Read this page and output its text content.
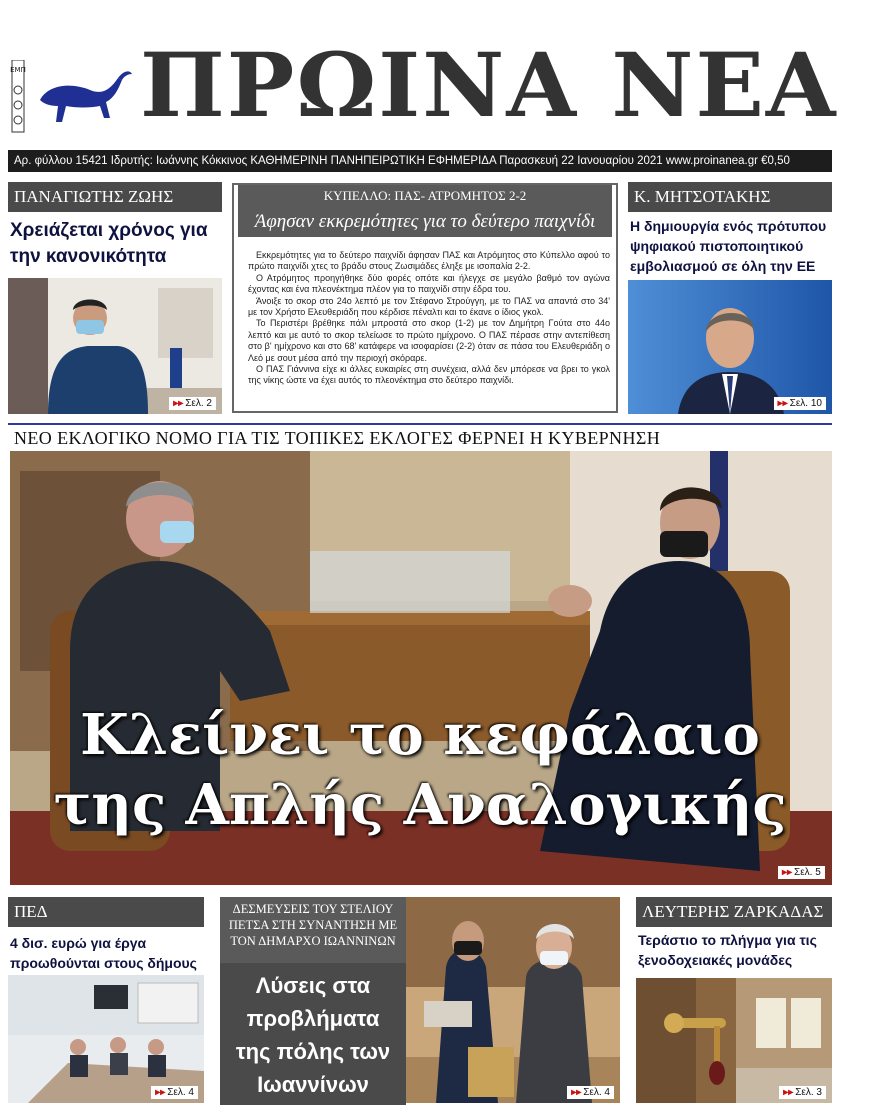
ΕΜΠ ΠΡΩΙΝΑ ΝΕΑ
Αρ. φύλλου 15421 Ιδρυτής: Ιωάννης Κόκκινος ΚΑΘΗΜΕΡΙΝΗ ΠΑΝΗΠΕΙΡΩΤΙΚΗ ΕΦΗΜΕΡΙΔΑ Παρασκευή 22 Ιανουαρίου 2021 www.proinanea.gr €0,50
ΠΑΝΑΓΙΩΤΗΣ ΖΩΗΣ
Χρειάζεται χρόνος για την κανονικότητα
▸▸ Σελ. 2
ΚΥΠΕΛΛΟ: ΠΑΣ- ΑΤΡΟΜΗΤΟΣ 2-2
Άφησαν εκκρεμότητες για το δεύτερο παιχνίδι

Εκκρεμότητες για το δεύτερο παιχνίδι άφησαν ΠΑΣ και Ατρόμητος στο Κύπελλο αφού το πρώτο παιχνίδι χτες το βράδυ στους Ζωσιμάδες έληξε με ισοπαλία 2-2.

Ο Ατρόμητος προηγήθηκε δύο φορές οπότε και ήλεγχε σε μεγάλο βαθμό τον αγώνα έχοντας και ένα πλεονέκτημα πλέον για το παιχνίδι στην έδρα του.

Άνοιξε το σκορ στο 24ο λεπτό με τον Στέφανο Στρούγγη, με το ΠΑΣ να απαντά στο 34' με τον Χρήστο Ελευθεριάδη που κέρδισε πέναλτι και το έκανε ο ίδιος γκολ.

Το Περιστέρι βρέθηκε πάλι μπροστά στο σκορ (1-2) με τον Δημήτρη Γούτα στο 44ο λεπτό και με αυτό το σκορ τελείωσε το πρώτο ημίχρονο. Ο ΠΑΣ πέρασε στην αντεπίθεση στο β' ημίχρονο και στο 68' κατάφερε να ισοφαρίσει (2-2) όταν σε πάσα του Ελευθεριάδη ο Λεό με σουτ μέσα από την περιοχή σκόραρε.

Ο ΠΑΣ Γιάννινα είχε κι άλλες ευκαιρίες στη συνέχεια, αλλά δεν μπόρεσε να βρει το γκολ της νίκης ώστε να έχει αυτός το πλεονέκτημα στο δεύτερο παιχνίδι.

Κ. ΜΗΤΣΟΤΑΚΗΣ
Η δημιουργία ενός πρότυπου ψηφιακού πιστοποιητικού εμβολιασμού σε όλη την ΕΕ
▸▸ Σελ. 10
ΝΕΟ ΕΚΛΟΓΙΚΟ ΝΟΜΟ ΓΙΑ ΤΙΣ ΤΟΠΙΚΕΣ ΕΚΛΟΓΕΣ ΦΕΡΝΕΙ Η ΚΥΒΕΡΝΗΣΗ
Κλείνει το κεφάλαιο
της Απλής Αναλογικής
▸▸ Σελ. 5
ΠΕΔ
4 δισ. ευρώ για έργα προωθούνται στους δήμους
▸▸ Σελ. 4
ΔΕΣΜΕΥΣΕΙΣ ΤΟΥ ΣΤΕΛΙΟΥ
ΠΕΤΣΑ ΣΤΗ ΣΥΝΑΝΤΗΣΗ ΜΕ
ΤΟΝ ΔΗΜΑΡΧΟ ΙΩΑΝΝΙΝΩΝ
Λύσεις στα
προβλήματα
της πόλης των
Ιωαννίνων	▸▸ Σελ. 4
ΛΕΥΤΕΡΗΣ ΖΑΡΚΑΔΑΣ
Τεράστιο το πλήγμα για τις ξενοδοχειακές μονάδες
▸▸ Σελ. 3
